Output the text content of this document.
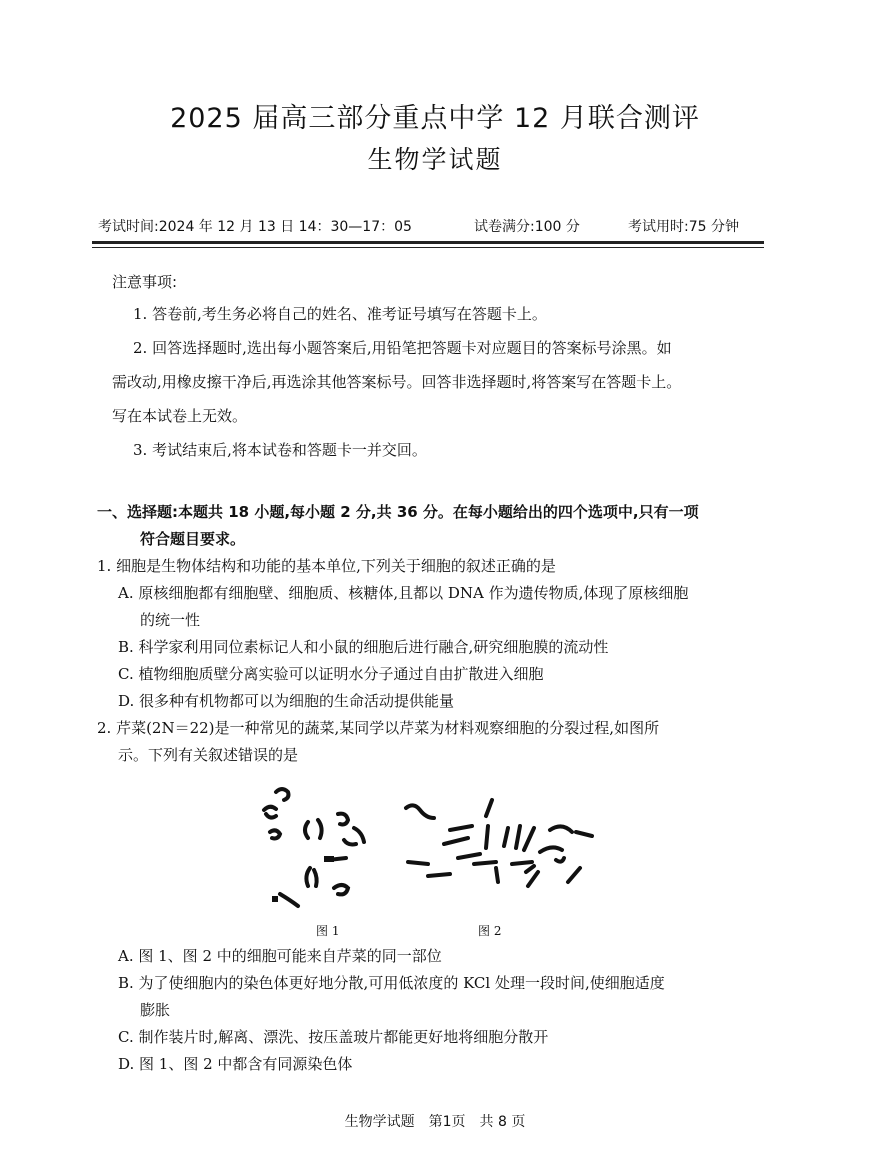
2025 届高三部分重点中学 12 月联合测评
生物学试题
考试时间:2024 年 12 月 13 日 14：30—17：05	试卷满分:100 分	考试用时:75 分钟
注意事项:
1. 答卷前,考生务必将自己的姓名、准考证号填写在答题卡上。
2. 回答选择题时,选出每小题答案后,用铅笔把答题卡对应题目的答案标号涂黑。如
需改动,用橡皮擦干净后,再选涂其他答案标号。回答非选择题时,将答案写在答题卡上。
写在本试卷上无效。
3. 考试结束后,将本试卷和答题卡一并交回。
一、选择题:本题共 18 小题,每小题 2 分,共 36 分。在每小题给出的四个选项中,只有一项
符合题目要求。
1. 细胞是生物体结构和功能的基本单位,下列关于细胞的叙述正确的是
A. 原核细胞都有细胞壁、细胞质、核糖体,且都以 DNA 作为遗传物质,体现了原核细胞
的统一性
B. 科学家利用同位素标记人和小鼠的细胞后进行融合,研究细胞膜的流动性
C. 植物细胞质壁分离实验可以证明水分子通过自由扩散进入细胞
D. 很多种有机物都可以为细胞的生命活动提供能量
2. 芹菜(2N＝22)是一种常见的蔬菜,某同学以芹菜为材料观察细胞的分裂过程,如图所
示。下列有关叙述错误的是
图 1	图 2
A. 图 1、图 2 中的细胞可能来自芹菜的同一部位
B. 为了使细胞内的染色体更好地分散,可用低浓度的 KCl 处理一段时间,使细胞适度
膨胀
C. 制作装片时,解离、漂洗、按压盖玻片都能更好地将细胞分散开
D. 图 1、图 2 中都含有同源染色体
生物学试题　第1页　共 8 页
